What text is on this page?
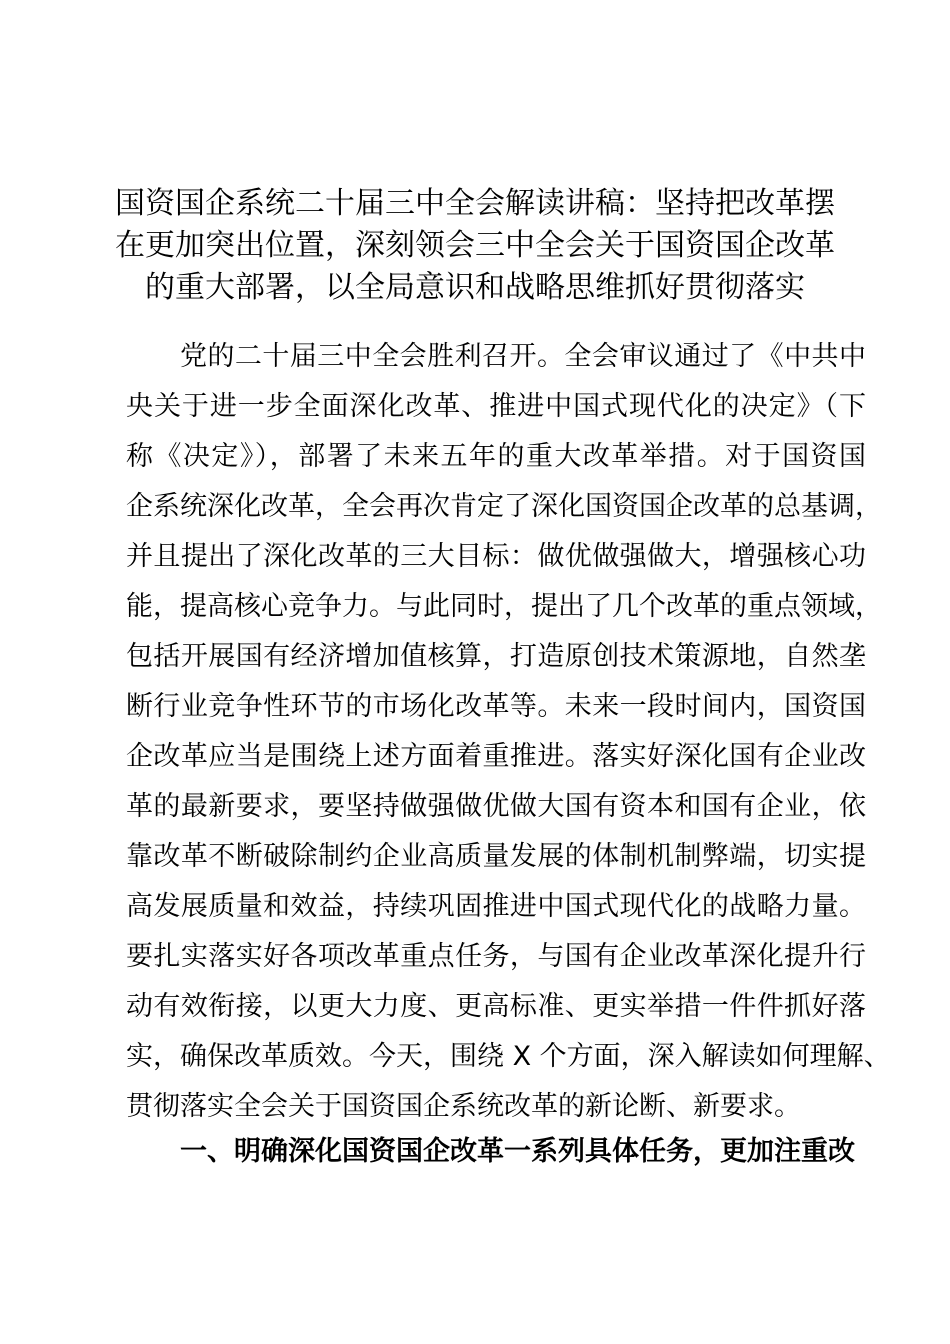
国资国企系统二十届三中全会解读讲稿：坚持把改革摆
在更加突出位置，深刻领会三中全会关于国资国企改革
的重大部署，以全局意识和战略思维抓好贯彻落实
党的二十届三中全会胜利召开。全会审议通过了《中共中
央关于进一步全面深化改革、推进中国式现代化的决定》（下
称《决定》），部署了未来五年的重大改革举措。对于国资国
企系统深化改革，全会再次肯定了深化国资国企改革的总基调，
并且提出了深化改革的三大目标：做优做强做大，增强核心功
能，提高核心竞争力。与此同时，提出了几个改革的重点领域，
包括开展国有经济增加值核算，打造原创技术策源地，自然垄
断行业竞争性环节的市场化改革等。未来一段时间内，国资国
企改革应当是围绕上述方面着重推进。落实好深化国有企业改
革的最新要求，要坚持做强做优做大国有资本和国有企业，依
靠改革不断破除制约企业高质量发展的体制机制弊端，切实提
高发展质量和效益，持续巩固推进中国式现代化的战略力量。
要扎实落实好各项改革重点任务，与国有企业改革深化提升行
动有效衔接，以更大力度、更高标准、更实举措一件件抓好落
实，确保改革质效。今天，围绕 X 个方面，深入解读如何理解、
贯彻落实全会关于国资国企系统改革的新论断、新要求。
一、明确深化国资国企改革一系列具体任务，更加注重改
